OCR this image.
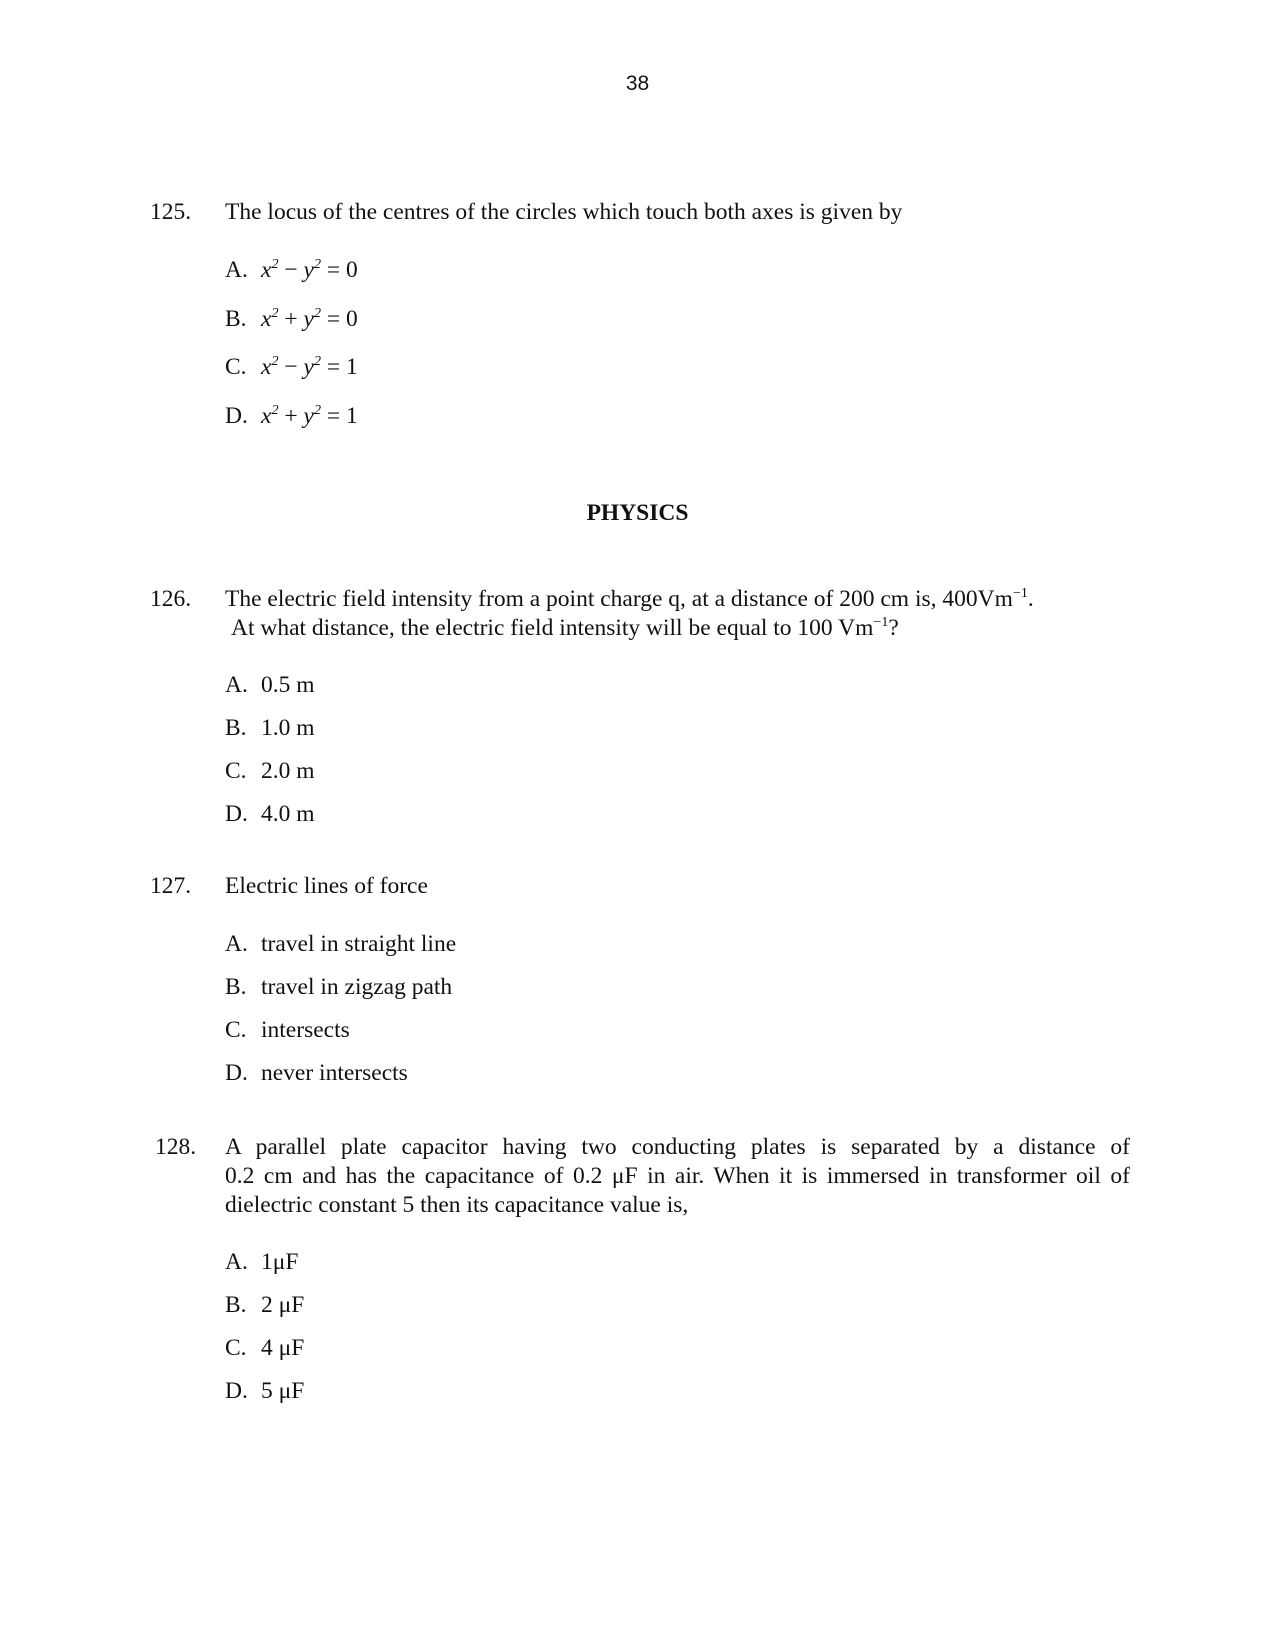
38
125. The locus of the centres of the circles which touch both axes is given by
A. $x^2 - y^2 = 0$
B. $x^2 + y^2 = 0$
C. $x^2 - y^2 = 1$
D. $x^2 + y^2 = 1$
PHYSICS
126. The electric field intensity from a point charge q, at a distance of 200 cm is, $400Vm^{-1}$.
At what distance, the electric field intensity will be equal to 100 $Vm^{-1}$?
A. 0.5 m
B. 1.0 m
C. 2.0 m
D. 4.0 m
127. Electric lines of force
A. travel in straight line
B. travel in zigzag path
C. intersects
D. never intersects
128. A parallel plate capacitor having two conducting plates is separated by a distance of
0.2 cm and has the capacitance of 0.2 μF in air. When it is immersed in transformer oil of
dielectric constant 5 then its capacitance value is,
A. 1μF
B. 2 μF
C. 4 μF
D. 5 μF
